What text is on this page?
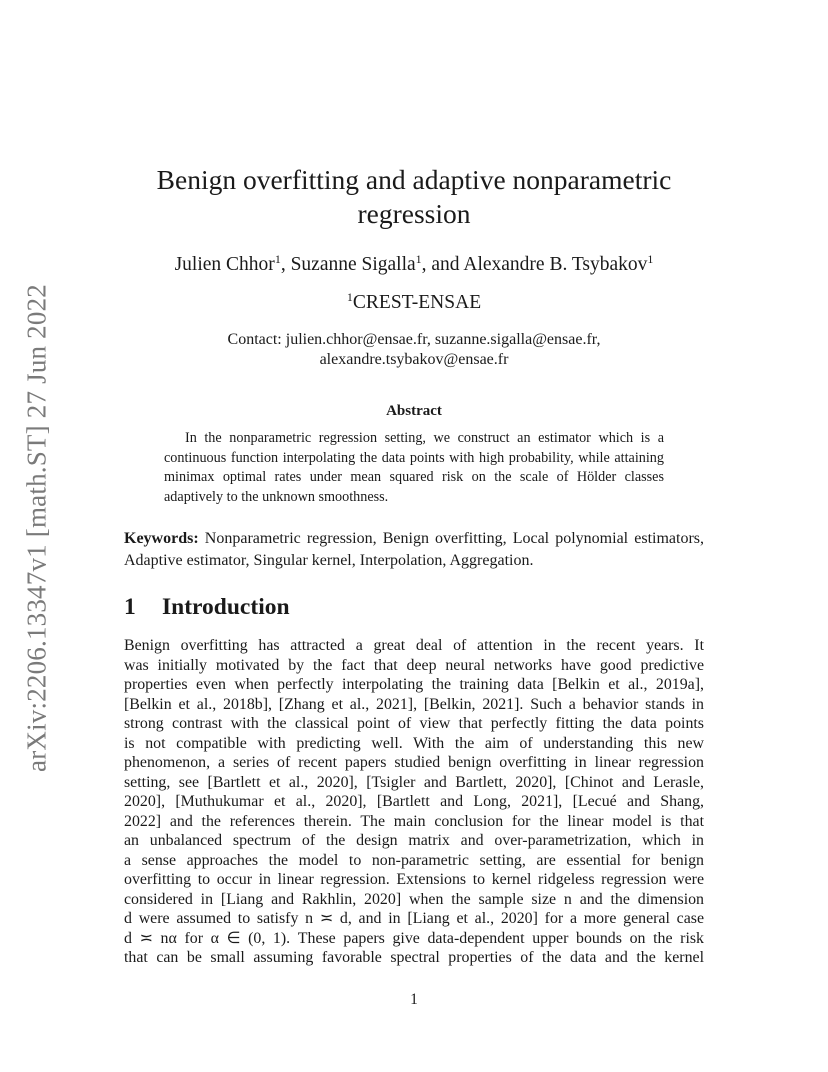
arXiv:2206.13347v1 [math.ST] 27 Jun 2022
Benign overfitting and adaptive nonparametric
regression
Julien Chhor$^1$, Suzanne Sigalla$^1$, and Alexandre B. Tsybakov$^1$
$^1$CREST-ENSAE
Contact: julien.chhor@ensae.fr, suzanne.sigalla@ensae.fr,
alexandre.tsybakov@ensae.fr
Abstract
In the nonparametric regression setting, we construct an estimator which is a continuous function interpolating the data points with high probability, while attaining minimax optimal rates under mean squared risk on the scale of Hölder classes adaptively to the unknown smoothness.
Keywords: Nonparametric regression, Benign overfitting, Local polynomial estimators, Adaptive estimator, Singular kernel, Interpolation, Aggregation.
1 Introduction
Benign overfitting has attracted a great deal of attention in the recent years. It
was initially motivated by the fact that deep neural networks have good predictive
properties even when perfectly interpolating the training data [Belkin et al., 2019a],
[Belkin et al., 2018b], [Zhang et al., 2021], [Belkin, 2021]. Such a behavior stands in
strong contrast with the classical point of view that perfectly fitting the data points
is not compatible with predicting well. With the aim of understanding this new
phenomenon, a series of recent papers studied benign overfitting in linear regression
setting, see [Bartlett et al., 2020], [Tsigler and Bartlett, 2020], [Chinot and Lerasle,
2020], [Muthukumar et al., 2020], [Bartlett and Long, 2021], [Lecué and Shang,
2022] and the references therein. The main conclusion for the linear model is that
an unbalanced spectrum of the design matrix and over-parametrization, which in
a sense approaches the model to non-parametric setting, are essential for benign
overfitting to occur in linear regression. Extensions to kernel ridgeless regression were
considered in [Liang and Rakhlin, 2020] when the sample size n and the dimension
d were assumed to satisfy n ≍ d, and in [Liang et al., 2020] for a more general case
d ≍ nα for α ∈ (0, 1). These papers give data-dependent upper bounds on the risk
that can be small assuming favorable spectral properties of the data and the kernel
1
